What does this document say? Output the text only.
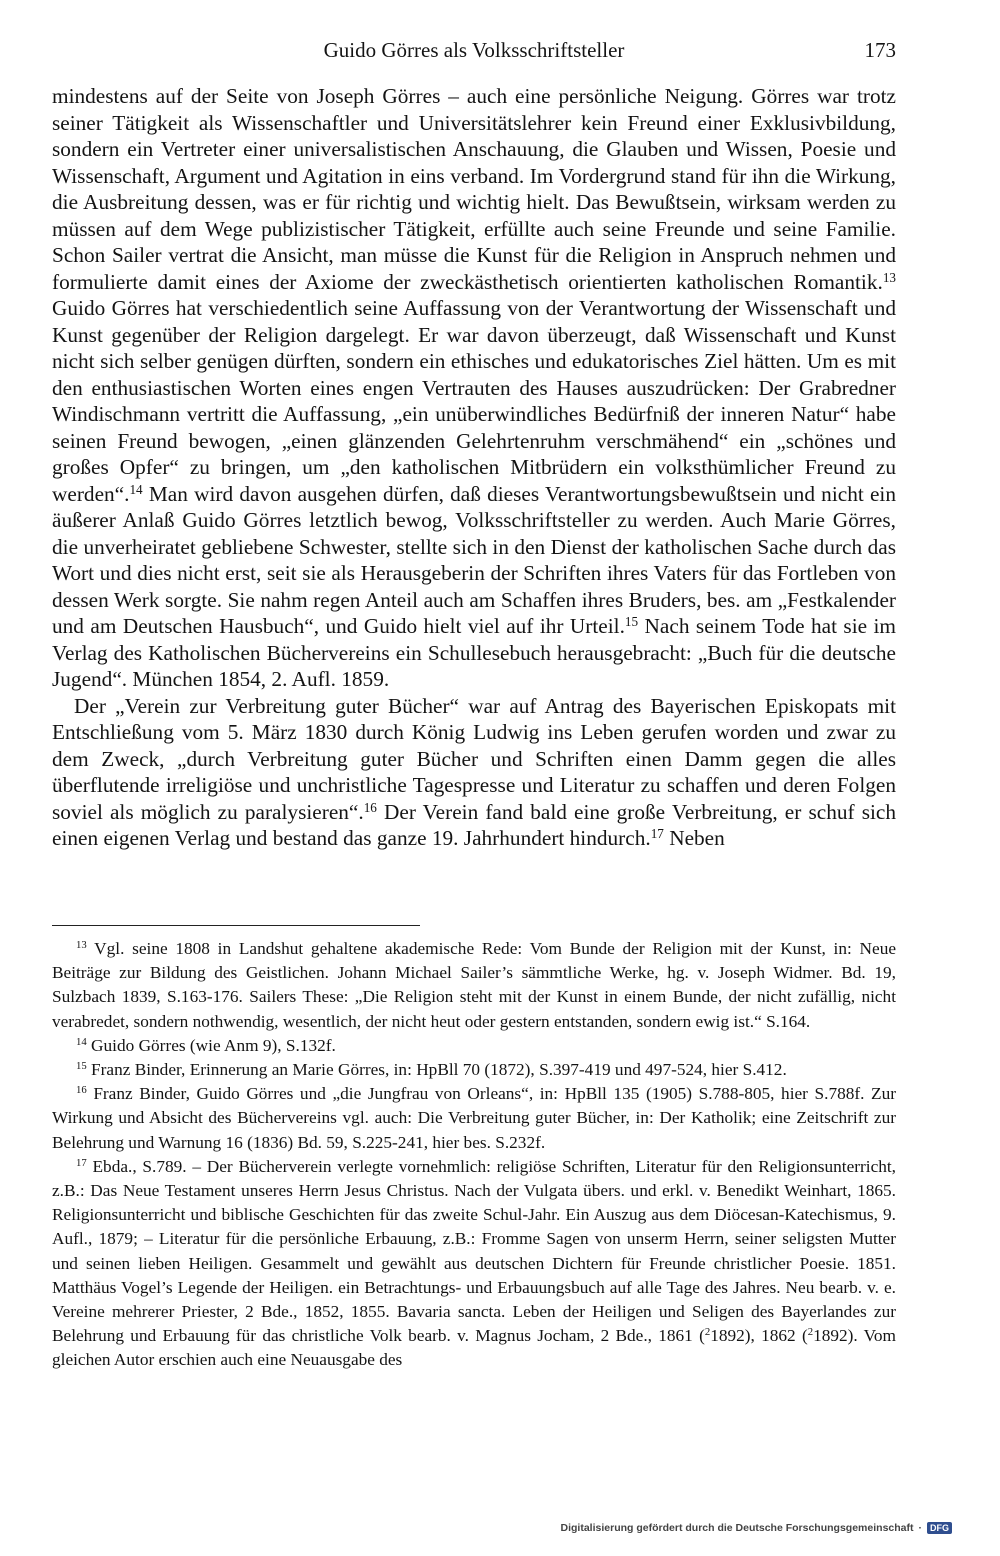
Guido Görres als Volksschriftsteller	173

mindestens auf der Seite von Joseph Görres – auch eine persönliche Neigung. Görres war trotz seiner Tätigkeit als Wissenschaftler und Universitätslehrer kein Freund einer Exklusivbildung, sondern ein Vertreter einer universalistischen Anschauung, die Glauben und Wissen, Poesie und Wissenschaft, Argument und Agitation in eins verband. Im Vordergrund stand für ihn die Wirkung, die Ausbreitung dessen, was er für richtig und wichtig hielt. Das Bewußtsein, wirksam werden zu müssen auf dem Wege publizistischer Tätigkeit, erfüllte auch seine Freunde und seine Familie. Schon Sailer vertrat die Ansicht, man müsse die Kunst für die Religion in Anspruch nehmen und formulierte damit eines der Axiome der zweckästhetisch orientierten katholischen Romantik.$^{13}$ Guido Görres hat verschiedentlich seine Auffassung von der Verantwortung der Wissenschaft und Kunst gegenüber der Religion dargelegt. Er war davon überzeugt, daß Wissenschaft und Kunst nicht sich selber genügen dürften, sondern ein ethisches und edukatorisches Ziel hätten. Um es mit den enthusiastischen Worten eines engen Vertrauten des Hauses auszudrücken: Der Grabredner Windischmann vertritt die Auffassung, „ein unüberwindliches Bedürfniß der inneren Natur“ habe seinen Freund bewogen, „einen glänzenden Gelehrtenruhm verschmähend“ ein „schönes und großes Opfer“ zu bringen, um „den katholischen Mitbrüdern ein volksthümlicher Freund zu werden“.$^{14}$ Man wird davon ausgehen dürfen, daß dieses Verantwortungsbewußtsein und nicht ein äußerer Anlaß Guido Görres letztlich bewog, Volksschriftsteller zu werden. Auch Marie Görres, die unverheiratet gebliebene Schwester, stellte sich in den Dienst der katholischen Sache durch das Wort und dies nicht erst, seit sie als Herausgeberin der Schriften ihres Vaters für das Fortleben von dessen Werk sorgte. Sie nahm regen Anteil auch am Schaffen ihres Bruders, bes. am „Festkalender und am Deutschen Hausbuch“, und Guido hielt viel auf ihr Urteil.$^{15}$ Nach seinem Tode hat sie im Verlag des Katholischen Büchervereins ein Schullesebuch herausgebracht: „Buch für die deutsche Jugend“. München 1854, 2. Aufl. 1859.

Der „Verein zur Verbreitung guter Bücher“ war auf Antrag des Bayerischen Episkopats mit Entschließung vom 5. März 1830 durch König Ludwig ins Leben gerufen worden und zwar zu dem Zweck, „durch Verbreitung guter Bücher und Schriften einen Damm gegen die alles überflutende irreligiöse und unchristliche Tagespresse und Literatur zu schaffen und deren Folgen soviel als möglich zu paralysieren“.$^{16}$ Der Verein fand bald eine große Verbreitung, er schuf sich einen eigenen Verlag und bestand das ganze 19. Jahrhundert hindurch.$^{17}$ Neben

$^{13}$ Vgl. seine 1808 in Landshut gehaltene akademische Rede: Vom Bunde der Religion mit der Kunst, in: Neue Beiträge zur Bildung des Geistlichen. Johann Michael Sailer’s sämmtliche Werke, hg. v. Joseph Widmer. Bd. 19, Sulzbach 1839, S.163-176. Sailers These: „Die Religion steht mit der Kunst in einem Bunde, der nicht zufällig, nicht verabredet, sondern nothwendig, wesentlich, der nicht heut oder gestern entstanden, sondern ewig ist.“ S.164.

$^{14}$ Guido Görres (wie Anm 9), S.132f.

$^{15}$ Franz Binder, Erinnerung an Marie Görres, in: HpBll 70 (1872), S.397-419 und 497-524, hier S.412.

$^{16}$ Franz Binder, Guido Görres und „die Jungfrau von Orleans“, in: HpBll 135 (1905) S.788-805, hier S.788f. Zur Wirkung und Absicht des Büchervereins vgl. auch: Die Verbreitung guter Bücher, in: Der Katholik; eine Zeitschrift zur Belehrung und Warnung 16 (1836) Bd. 59, S.225-241, hier bes. S.232f.

$^{17}$ Ebda., S.789. – Der Bücherverein verlegte vornehmlich: religiöse Schriften, Literatur für den Religionsunterricht, z.B.: Das Neue Testament unseres Herrn Jesus Christus. Nach der Vulgata übers. und erkl. v. Benedikt Weinhart, 1865. Religionsunterricht und biblische Geschichten für das zweite Schul-Jahr. Ein Auszug aus dem Diöcesan-Katechismus, 9. Aufl., 1879; – Literatur für die persönliche Erbauung, z.B.: Fromme Sagen von unserm Herrn, seiner seligsten Mutter und seinen lieben Heiligen. Gesammelt und gewählt aus deutschen Dichtern für Freunde christlicher Poesie. 1851. Matthäus Vogel’s Legende der Heiligen. ein Betrachtungs- und Erbauungsbuch auf alle Tage des Jahres. Neu bearb. v. e. Vereine mehrerer Priester, 2 Bde., 1852, 1855. Bavaria sancta. Leben der Heiligen und Seligen des Bayerlandes zur Belehrung und Erbauung für das christliche Volk bearb. v. Magnus Jocham, 2 Bde., 1861 ($^2$1892), 1862 ($^2$1892). Vom gleichen Autor erschien auch eine Neuausgabe des

Digitalisierung gefördert durch die Deutsche Forschungsgemeinschaft · DFG
